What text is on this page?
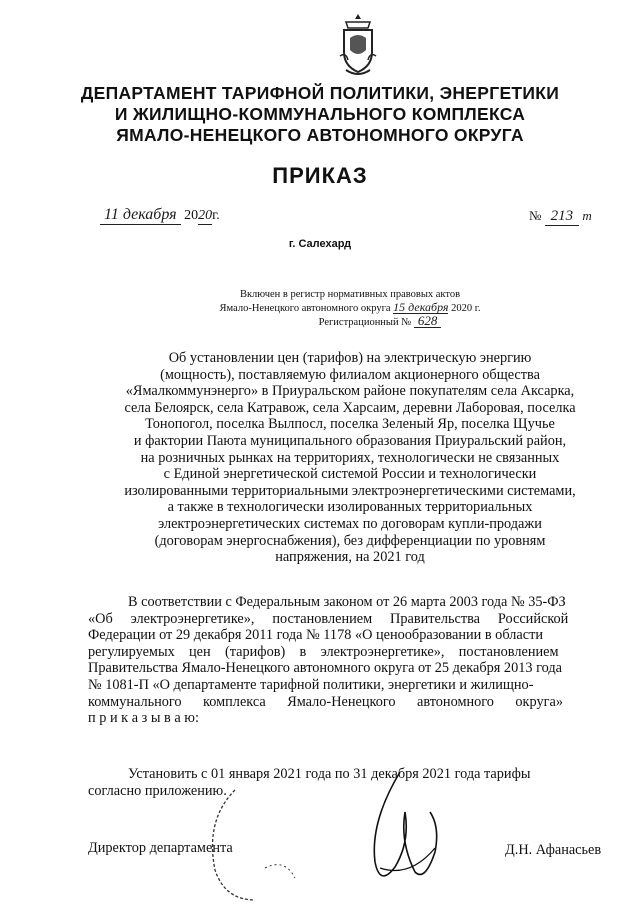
ДЕПАРТАМЕНТ ТАРИФНОЙ ПОЛИТИКИ, ЭНЕРГЕТИКИ
И ЖИЛИЩНО-КОММУНАЛЬНОГО КОМПЛЕКСА
ЯМАЛО-НЕНЕЦКОГО АВТОНОМНОГО ОКРУГА
ПРИКАЗ
11 декабря 2020г.	№ 213 т
г. Салехард
Включен в регистр нормативных правовых актов
Ямало-Ненецкого автономного округа 15 декабря 2020 г.
Регистрационный № 628
Об установлении цен (тарифов) на электрическую энергию
(мощность), поставляемую филиалом акционерного общества
«Ямалкоммунэнерго» в Приуральском районе покупателям села Аксарка,
села Белоярск, села Катравож, села Харсаим, деревни Лаборовая, поселка
Тонопогол, поселка Вылпосл, поселка Зеленый Яр, поселка Щучье
и фактории Паюта муниципального образования Приуральский район,
на розничных рынках на территориях, технологически не связанных
с Единой энергетической системой России и технологически
изолированными территориальными электроэнергетическими системами,
а также в технологически изолированных территориальных
электроэнергетических системах по договорам купли-продажи
(договорам энергоснабжения), без дифференциации по уровням
напряжения, на 2021 год
В соответствии с Федеральным законом от 26 марта 2003 года № 35-ФЗ
«Об     электроэнергетике»,     постановлением     Правительства     Российской
Федерации от 29 декабря 2011 года № 1178 «О ценообразовании в области
регулируемых    цен    (тарифов)    в    электроэнергетике»,    постановлением
Правительства Ямало-Ненецкого автономного округа от 25 декабря 2013 года
№ 1081-П «О департаменте тарифной политики, энергетики и жилищно-
коммунального      комплекса      Ямало-Ненецкого      автономного      округа»
п р и к а з ы в а ю:
Установить с 01 января 2021 года по 31 декабря 2021 года тарифы
согласно приложению.
Директор департамента	Д.Н. Афанасьев
